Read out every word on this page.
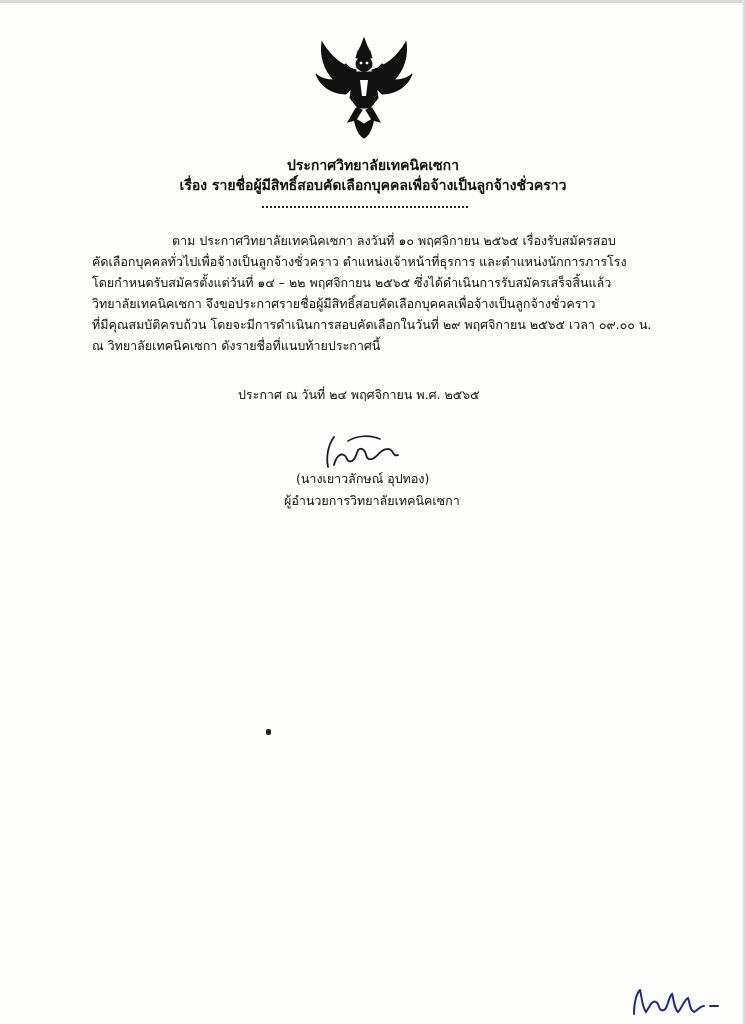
ประกาศวิทยาลัยเทคนิคเซกา
เรื่อง รายชื่อผู้มีสิทธิ์สอบคัดเลือกบุคคลเพื่อจ้างเป็นลูกจ้างชั่วคราว
ตาม ประกาศวิทยาลัยเทคนิคเซกา ลงวันที่ ๑๐ พฤศจิกายน ๒๕๖๕ เรื่องรับสมัครสอบ
คัดเลือกบุคคลทั่วไปเพื่อจ้างเป็นลูกจ้างชั่วคราว ตำแหน่งเจ้าหน้าที่ธุรการ และตำแหน่งนักการภารโรง
โดยกำหนดรับสมัครตั้งแต่วันที่ ๑๔ – ๒๒ พฤศจิกายน ๒๕๖๕ ซึ่งได้ดำเนินการรับสมัครเสร็จสิ้นแล้ว
วิทยาลัยเทคนิคเซกา จึงขอประกาศรายชื่อผู้มีสิทธิ์สอบคัดเลือกบุคคลเพื่อจ้างเป็นลูกจ้างชั่วคราว
ที่มีคุณสมบัติครบถ้วน โดยจะมีการดำเนินการสอบคัดเลือกในวันที่ ๒๙ พฤศจิกายน ๒๕๖๕ เวลา ๐๙.๐๐ น.
ณ วิทยาลัยเทคนิคเซกา ดังรายชื่อที่แนบท้ายประกาศนี้
ประกาศ ณ วันที่ ๒๔ พฤศจิกายน พ.ศ. ๒๕๖๕
(นางเยาวลักษณ์ อุปทอง)
ผู้อำนวยการวิทยาลัยเทคนิคเซกา
